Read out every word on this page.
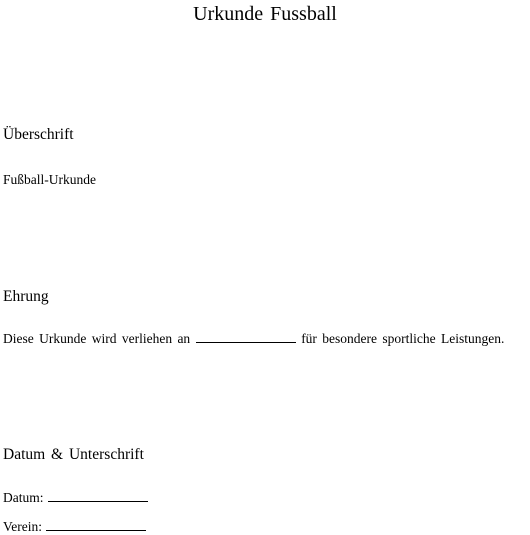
Urkunde Fussball
Überschrift
Fußball-Urkunde
Ehrung
Diese Urkunde wird verliehen an	für besondere sportliche Leistungen.
Datum & Unterschrift
Datum:
Verein:
